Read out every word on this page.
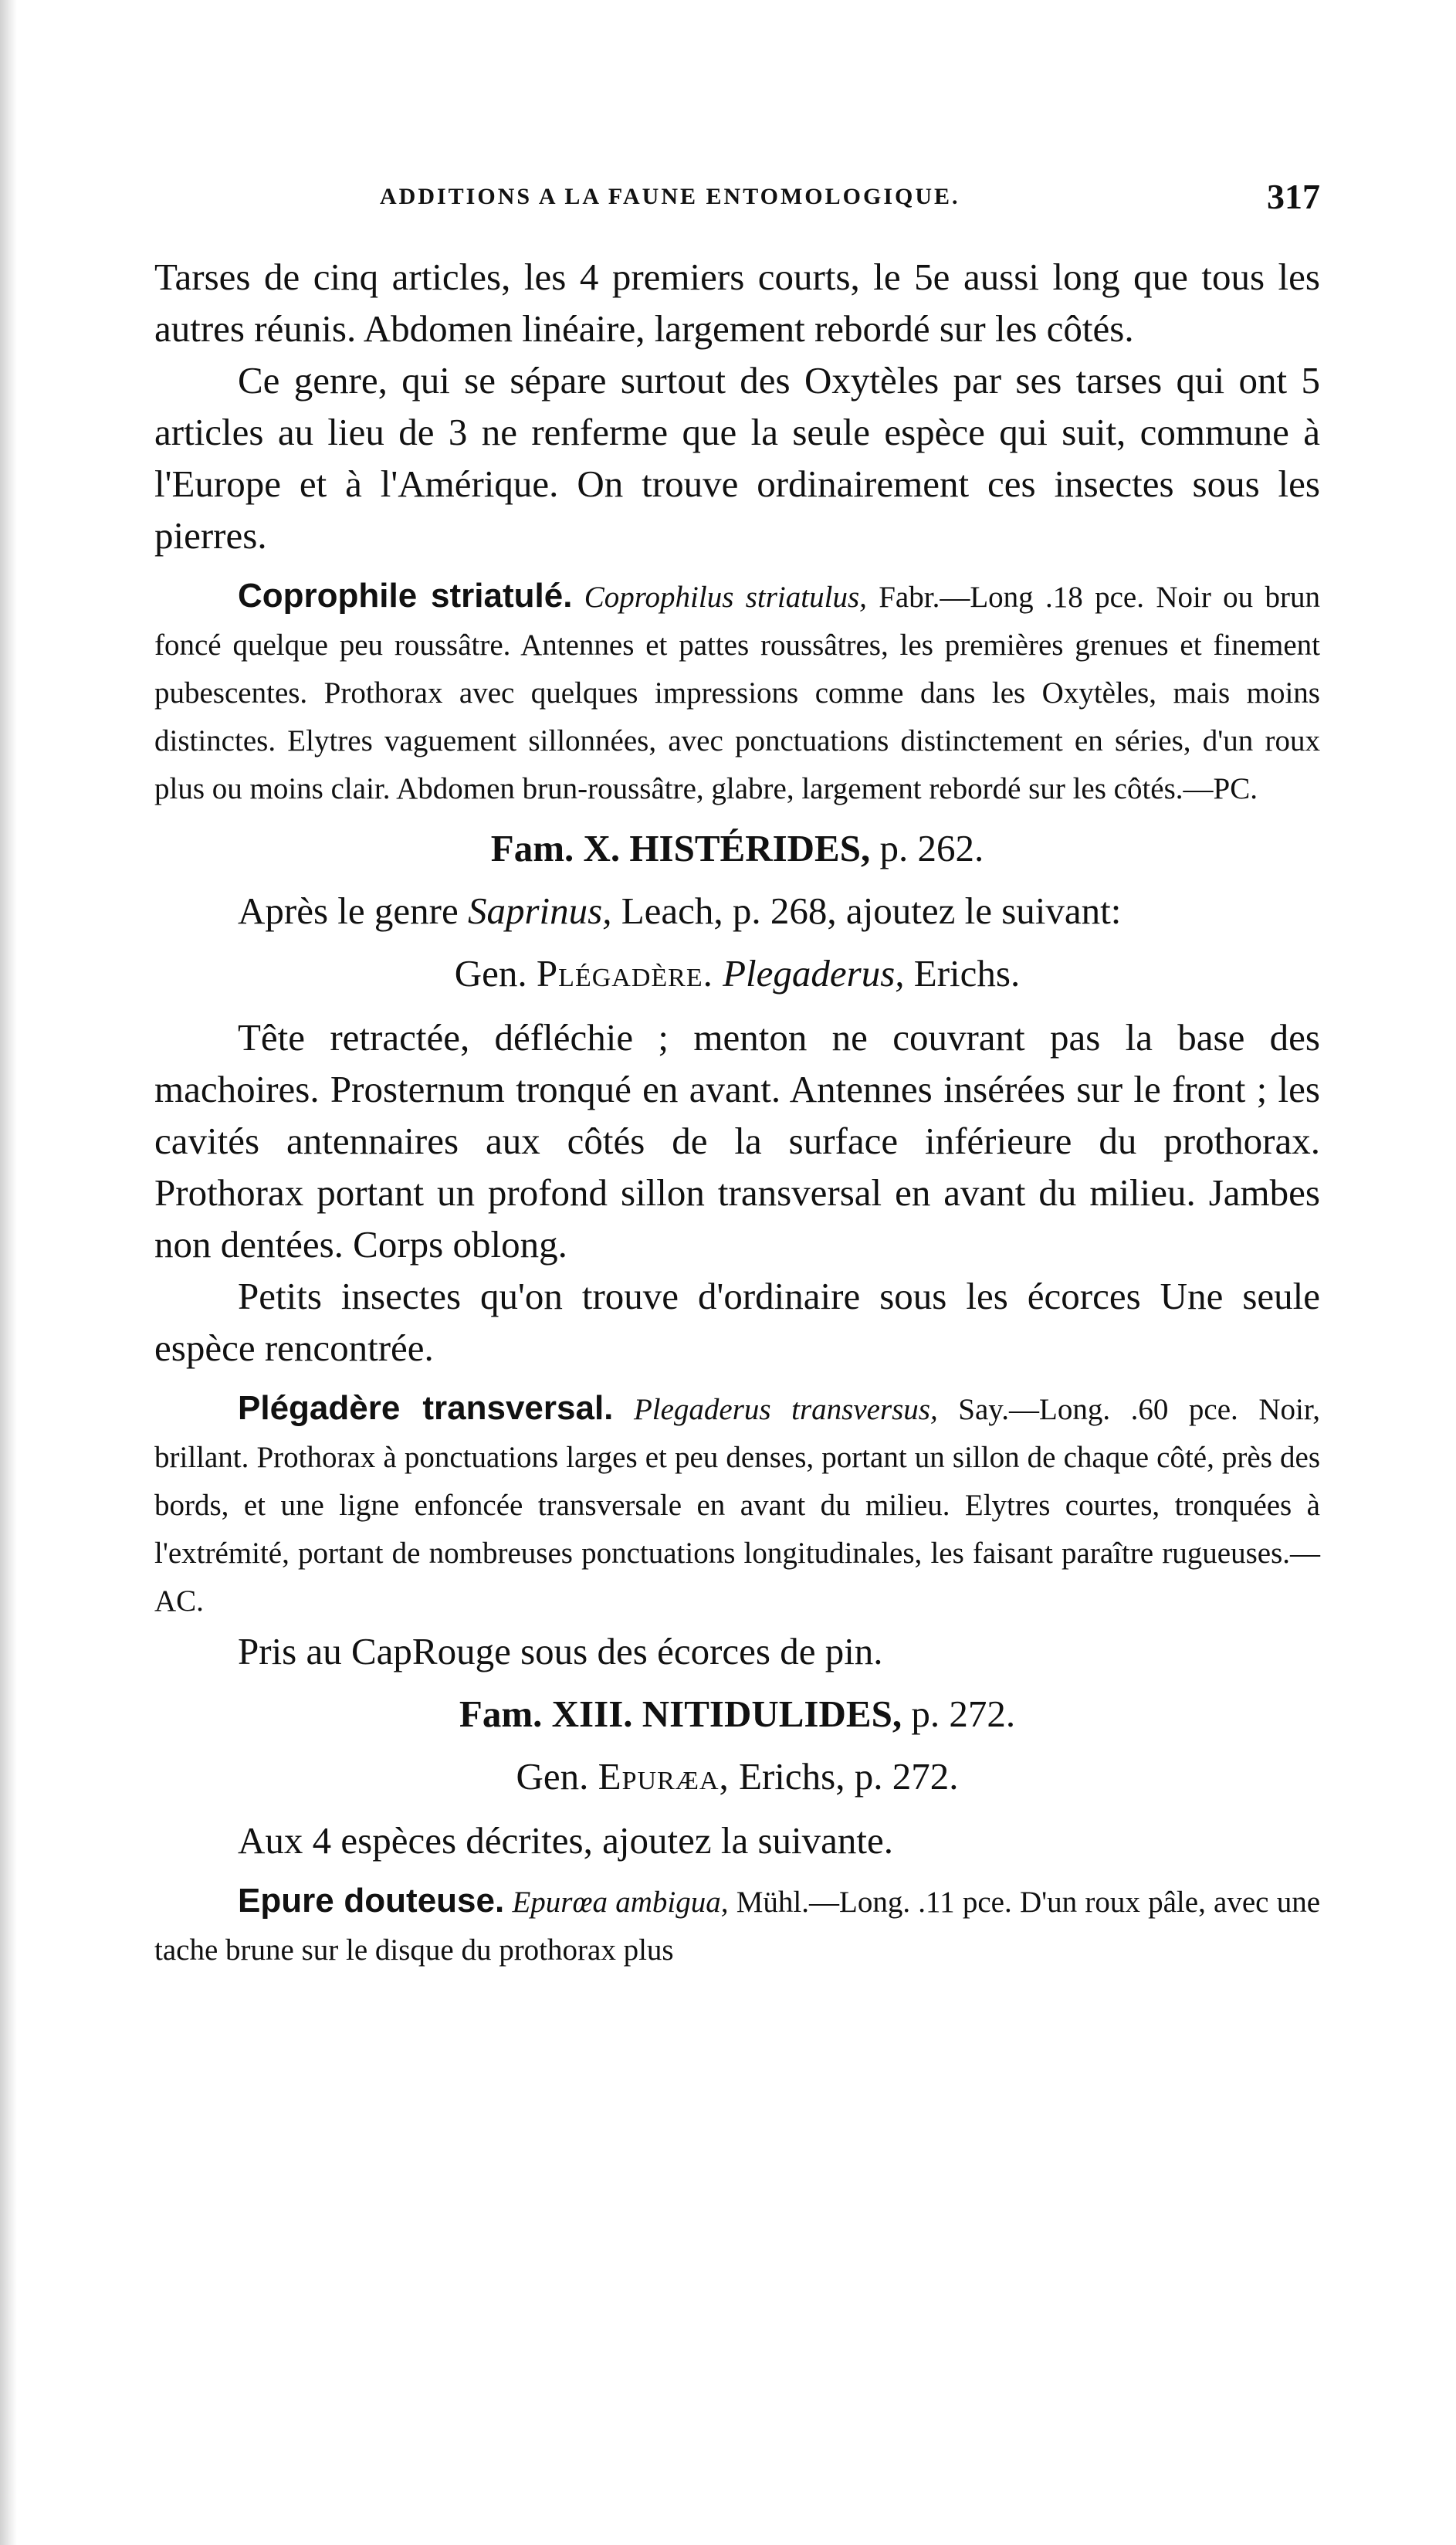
ADDITIONS A LA FAUNE ENTOMOLOGIQUE.	317

Tarses de cinq articles, les 4 premiers courts, le 5e aussi long que tous les autres réunis. Abdomen linéaire, largement rebordé sur les côtés.

Ce genre, qui se sépare surtout des Oxytèles par ses tarses qui ont 5 articles au lieu de 3 ne renferme que la seule espèce qui suit, commune à l'Europe et à l'Amérique. On trouve ordinairement ces insectes sous les pierres.

Coprophile striatulé. Coprophilus striatulus, Fabr.—Long .18 pce. Noir ou brun foncé quelque peu roussâtre. Antennes et pattes roussâtres, les premières grenues et finement pubescentes. Prothorax avec quelques impressions comme dans les Oxytèles, mais moins distinctes. Elytres vaguement sillonnées, avec ponctuations distinctement en séries, d'un roux plus ou moins clair. Abdomen brun-roussâtre, glabre, largement rebordé sur les côtés.—PC.

Fam. X. HISTÉRIDES, p. 262.

Après le genre Saprinus, Leach, p. 268, ajoutez le suivant:

Gen. Plégadère. Plegaderus, Erichs.

Tête retractée, défléchie ; menton ne couvrant pas la base des machoires. Prosternum tronqué en avant. Antennes insérées sur le front ; les cavités antennaires aux côtés de la surface inférieure du prothorax. Prothorax portant un profond sillon transversal en avant du milieu. Jambes non dentées. Corps oblong.

Petits insectes qu'on trouve d'ordinaire sous les écorces Une seule espèce rencontrée.

Plégadère transversal. Plegaderus transversus, Say.—Long. .60 pce. Noir, brillant. Prothorax à ponctuations larges et peu denses, portant un sillon de chaque côté, près des bords, et une ligne enfoncée transversale en avant du milieu. Elytres courtes, tronquées à l'extrémité, portant de nombreuses ponctuations longitudinales, les faisant paraître rugueuses.—AC.

Pris au CapRouge sous des écorces de pin.

Fam. XIII. NITIDULIDES, p. 272.

Gen. Epuræa, Erichs, p. 272.

Aux 4 espèces décrites, ajoutez la suivante.

Epure douteuse. Epurœa ambigua, Mühl.—Long. .11 pce. D'un roux pâle, avec une tache brune sur le disque du prothorax plus
